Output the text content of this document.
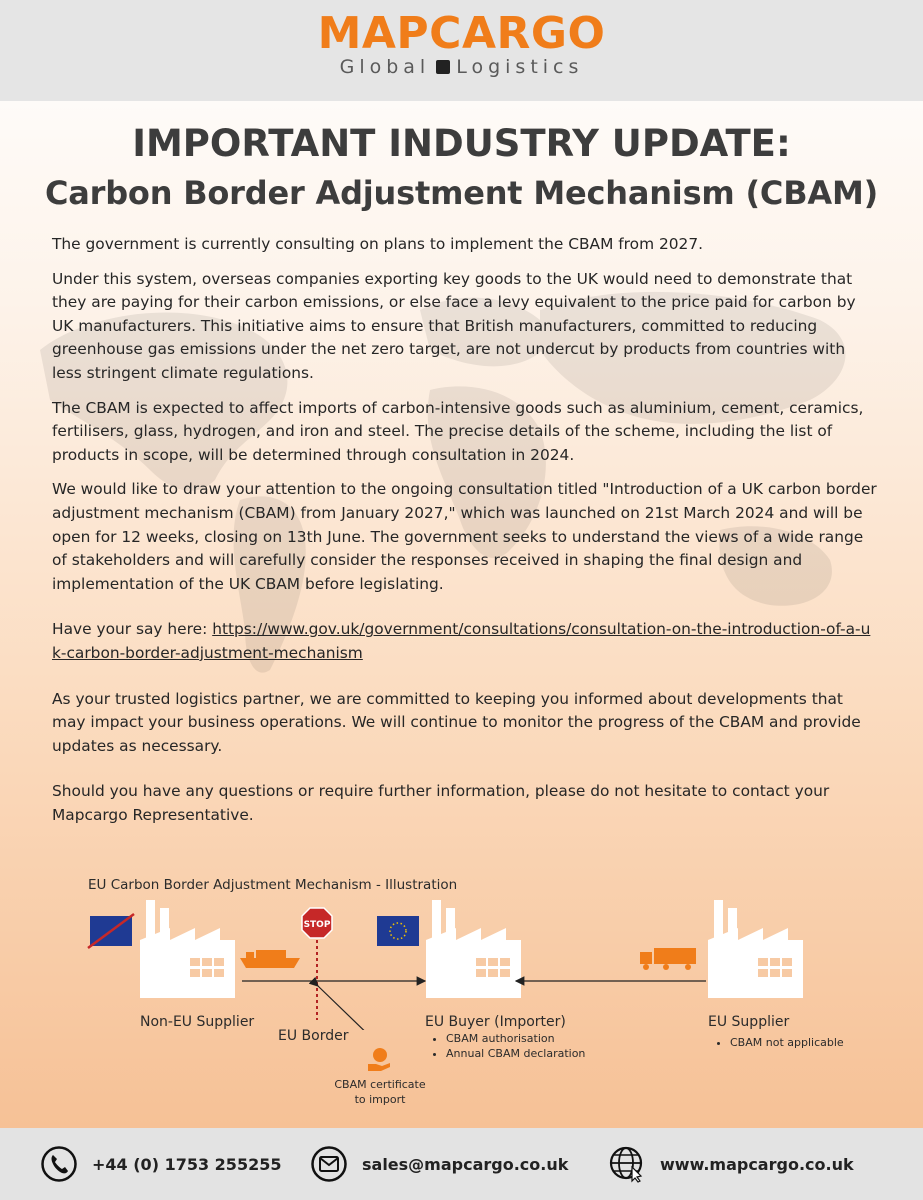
MAPCARGO
Global Logistics
IMPORTANT INDUSTRY UPDATE:
Carbon Border Adjustment Mechanism (CBAM)

The government is currently consulting on plans to implement the CBAM from 2027.

Under this system, overseas companies exporting key goods to the UK would need to demonstrate that they are paying for their carbon emissions, or else face a levy equivalent to the price paid for carbon by UK manufacturers. This initiative aims to ensure that British manufacturers, committed to reducing greenhouse gas emissions under the net zero target, are not undercut by products from countries with less stringent climate regulations.

The CBAM is expected to affect imports of carbon-intensive goods such as aluminium, cement, ceramics, fertilisers, glass, hydrogen, and iron and steel. The precise details of the scheme, including the list of products in scope, will be determined through consultation in 2024.

We would like to draw your attention to the ongoing consultation titled "Introduction of a UK carbon border adjustment mechanism (CBAM) from January 2027," which was launched on 21st March 2024 and will be open for 12 weeks, closing on 13th June. The government seeks to understand the views of a wide range of stakeholders and will carefully consider the responses received in shaping the final design and implementation of the UK CBAM before legislating.

Have your say here: https://www.gov.uk/government/consultations/consultation-on-the-introduction-of-a-uk-carbon-border-adjustment-mechanism

As your trusted logistics partner, we are committed to keeping you informed about developments that may impact your business operations. We will continue to monitor the progress of the CBAM and provide updates as necessary.

Should you have any questions or require further information, please do not hesitate to contact your Mapcargo Representative.

EU Carbon Border Adjustment Mechanism - Illustration
STOP
Non-EU Supplier
EU Border
EU Buyer (Importer)
• CBAM authorisation
• Annual CBAM declaration
EU Supplier
• CBAM not applicable
CBAM certificate
to import
+44 (0) 1753 255255	sales@mapcargo.co.uk	www.mapcargo.co.uk
